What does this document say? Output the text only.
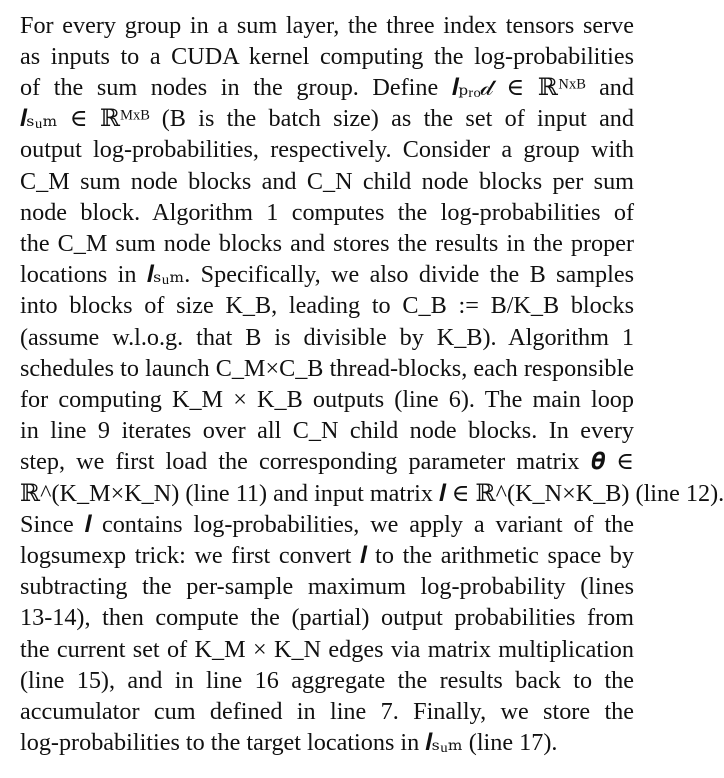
For every group in a sum layer, the three index tensors serve
as inputs to a CUDA kernel computing the log-probabilities
of the sum nodes in the group. Define 𝒍ₚᵣₒ𝒹 ∈ ℝᴺˣᴮ and
𝒍ₛᵤₘ ∈ ℝᴹˣᴮ (B is the batch size) as the set of input and
output log-probabilities, respectively. Consider a group with
C_M sum node blocks and C_N child node blocks per sum
node block. Algorithm 1 computes the log-probabilities of
the C_M sum node blocks and stores the results in the proper
locations in 𝒍ₛᵤₘ. Specifically, we also divide the B samples
into blocks of size K_B, leading to C_B := B/K_B blocks
(assume w.l.o.g. that B is divisible by K_B). Algorithm 1
schedules to launch C_M×C_B thread-blocks, each responsible
for computing K_M × K_B outputs (line 6). The main loop
in line 9 iterates over all C_N child node blocks. In every
step, we first load the corresponding parameter matrix 𝜽 ∈
ℝ^(K_M×K_N) (line 11) and input matrix 𝒍 ∈ ℝ^(K_N×K_B) (line 12).
Since 𝒍 contains log-probabilities, we apply a variant of the
logsumexp trick: we first convert 𝒍 to the arithmetic space by
subtracting the per-sample maximum log-probability (lines
13-14), then compute the (partial) output probabilities from
the current set of K_M × K_N edges via matrix multiplication
(line 15), and in line 16 aggregate the results back to the
accumulator cum defined in line 7. Finally, we store the
log-probabilities to the target locations in 𝒍ₛᵤₘ (line 17).
